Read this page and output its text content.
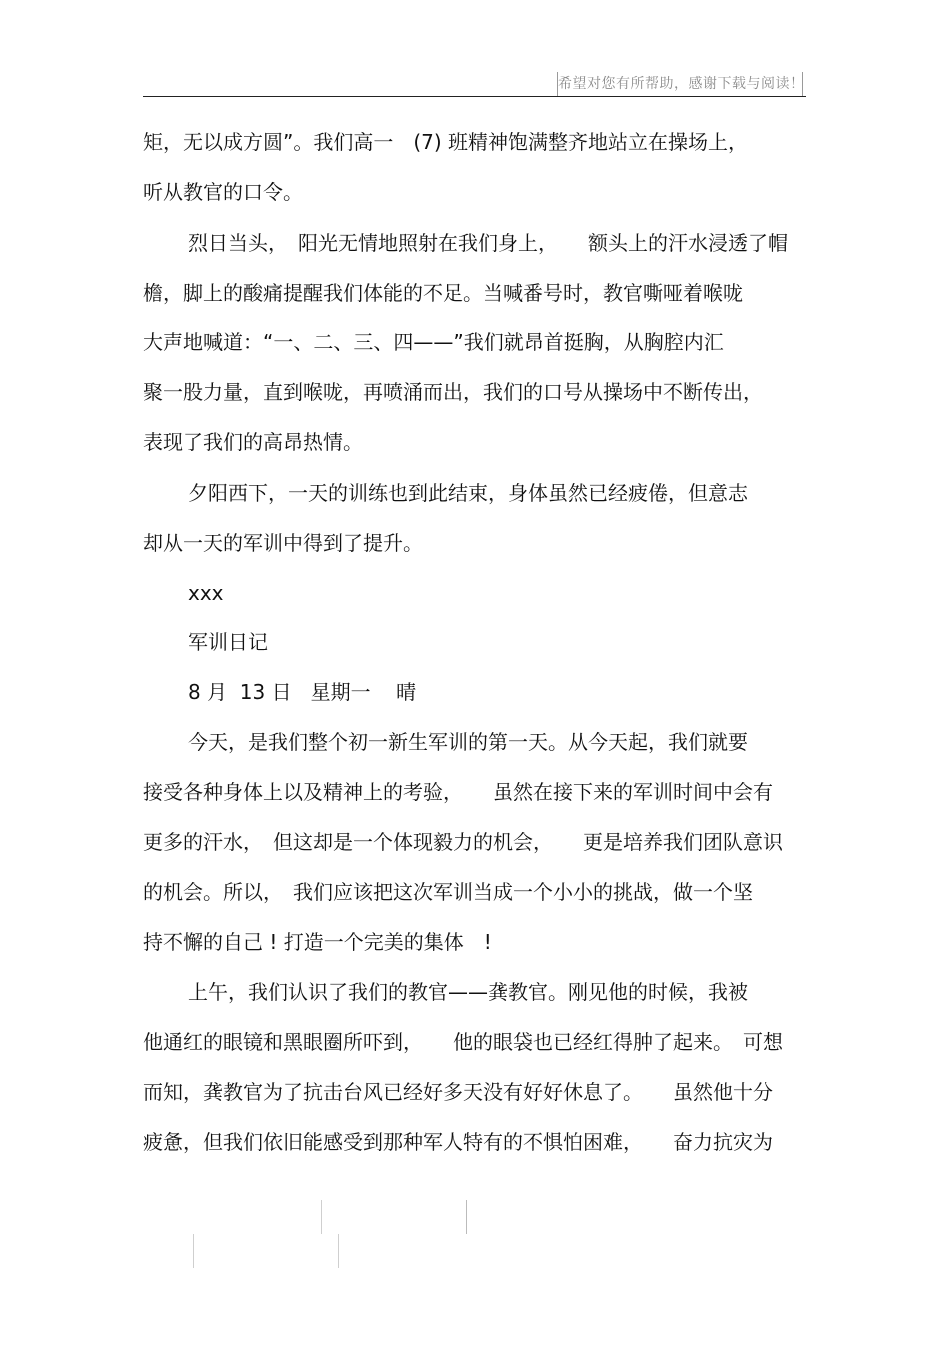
希望对您有所帮助，感谢下载与阅读！
矩，无以成方圆”。我们高一　(7) 班精神饱满整齐地站立在操场上，
听从教官的口令。
烈日当头，　阳光无情地照射在我们身上，　　额头上的汗水浸透了帽
檐，脚上的酸痛提醒我们体能的不足。当喊番号时，教官嘶哑着喉咙
大声地喊道：“一、二、三、四——”我们就昂首挺胸，从胸腔内汇
聚一股力量，直到喉咙，再喷涌而出，我们的口号从操场中不断传出，
表现了我们的高昂热情。
夕阳西下，一天的训练也到此结束，身体虽然已经疲倦，但意志
却从一天的军训中得到了提升。
xxx
军训日记
8 月  13 日   星期一    晴
今天，是我们整个初一新生军训的第一天。从今天起，我们就要
接受各种身体上以及精神上的考验，　　虽然在接下来的军训时间中会有
更多的汗水，　但这却是一个体现毅力的机会，　　更是培养我们团队意识
的机会。所以，　我们应该把这次军训当成一个小小的挑战，做一个坚
持不懈的自己 ! 打造一个完美的集体　!
上午，我们认识了我们的教官——龚教官。刚见他的时候，我被
他通红的眼镜和黑眼圈所吓到，　　他的眼袋也已经红得肿了起来。　可想
而知，龚教官为了抗击台风已经好多天没有好好休息了。　　虽然他十分
疲惫，但我们依旧能感受到那种军人特有的不惧怕困难，　　奋力抗灾为
